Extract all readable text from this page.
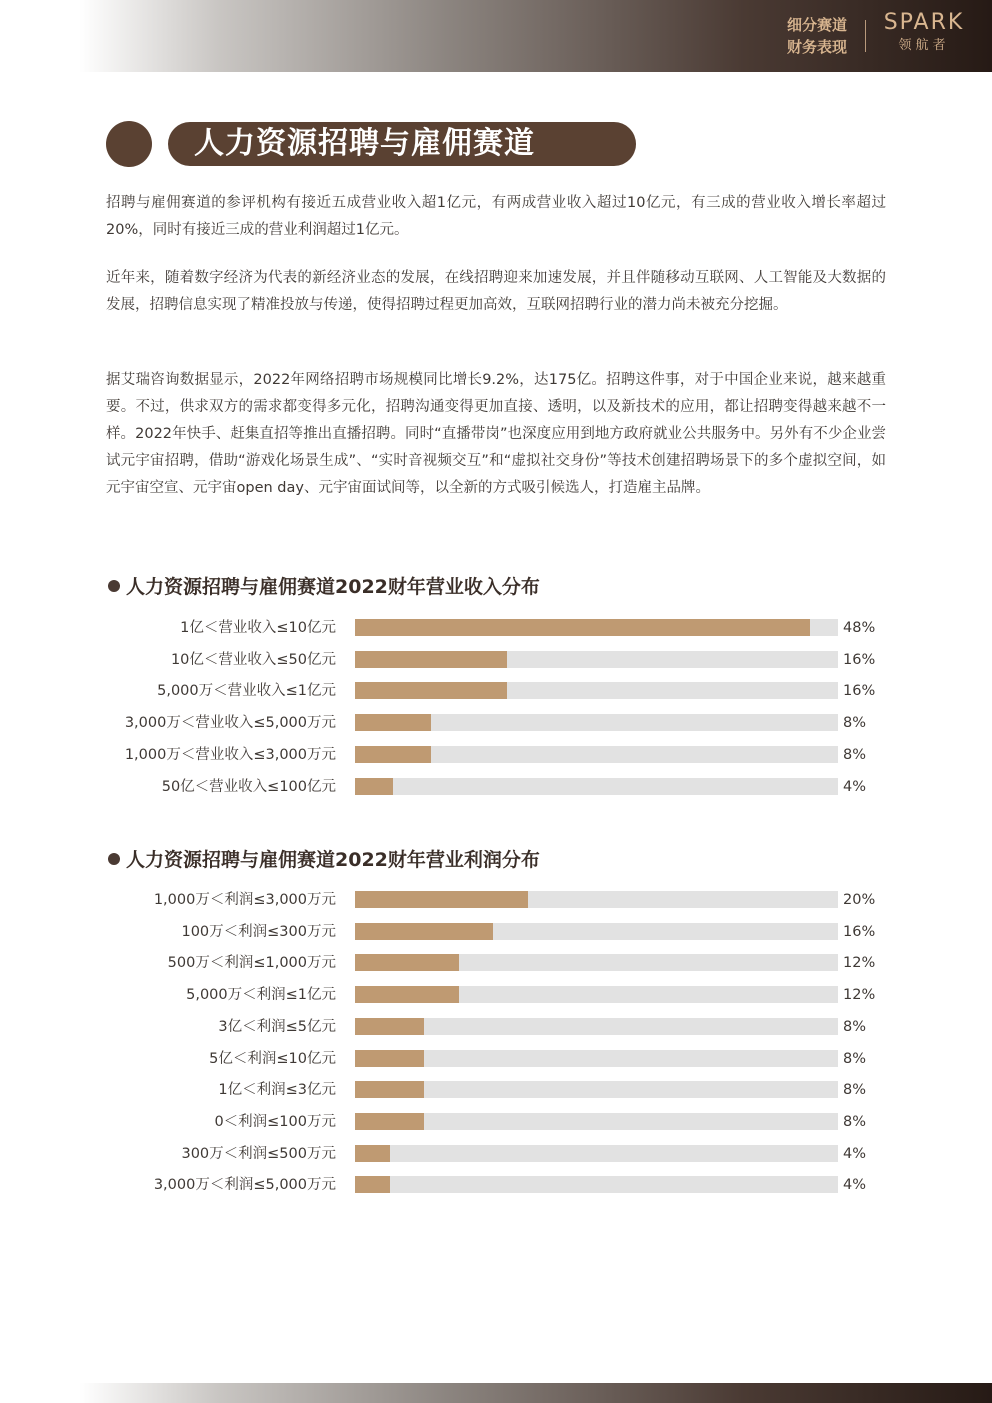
细分赛道
财务表现
SPARK
领航者
人力资源招聘与雇佣赛道

招聘与雇佣赛道的参评机构有接近五成营业收入超1亿元，有两成营业收入超过10亿元，有三成的营业收入增长率超过20%，同时有接近三成的营业利润超过1亿元。

近年来，随着数字经济为代表的新经济业态的发展，在线招聘迎来加速发展，并且伴随移动互联网、人工智能及大数据的发展，招聘信息实现了精准投放与传递，使得招聘过程更加高效，互联网招聘行业的潜力尚未被充分挖掘。

据艾瑞咨询数据显示，2022年网络招聘市场规模同比增长9.2%，达175亿。招聘这件事，对于中国企业来说，越来越重要。不过，供求双方的需求都变得多元化，招聘沟通变得更加直接、透明，以及新技术的应用，都让招聘变得越来越不一样。2022年快手、赶集直招等推出直播招聘。同时“直播带岗”也深度应用到地方政府就业公共服务中。另外有不少企业尝试元宇宙招聘，借助“游戏化场景生成”、“实时音视频交互”和“虚拟社交身份”等技术创建招聘场景下的多个虚拟空间，如元宇宙空宣、元宇宙open day、元宇宙面试间等，以全新的方式吸引候选人，打造雇主品牌。

人力资源招聘与雇佣赛道2022财年营业收入分布
1亿＜营业收入≤10亿元	48%
10亿＜营业收入≤50亿元	16%
5,000万＜营业收入≤1亿元	16%
3,000万＜营业收入≤5,000万元	8%
1,000万＜营业收入≤3,000万元	8%
50亿＜营业收入≤100亿元	4%
人力资源招聘与雇佣赛道2022财年营业利润分布
1,000万＜利润≤3,000万元	20%
100万＜利润≤300万元	16%
500万＜利润≤1,000万元	12%
5,000万＜利润≤1亿元	12%
3亿＜利润≤5亿元	8%
5亿＜利润≤10亿元	8%
1亿＜利润≤3亿元	8%
0＜利润≤100万元	8%
300万＜利润≤500万元	4%
3,000万＜利润≤5,000万元	4%
